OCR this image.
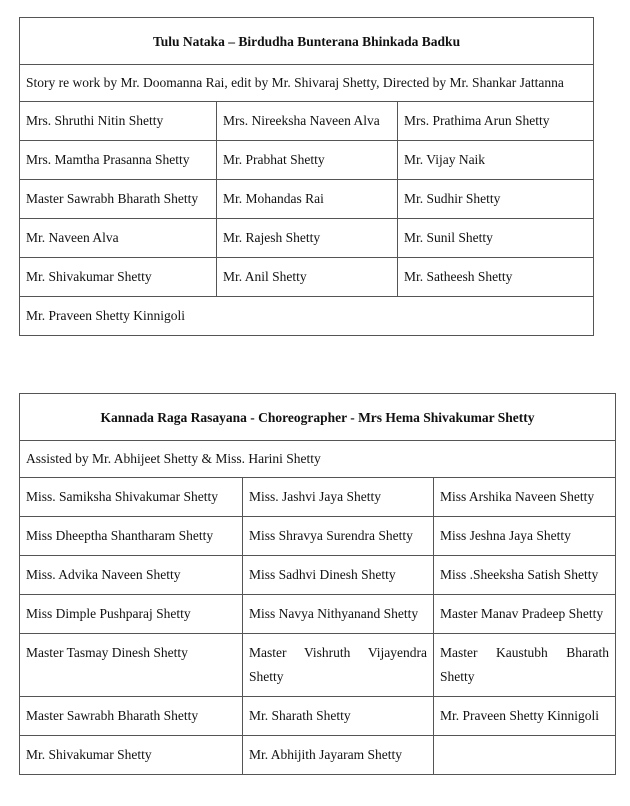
Tulu Nataka – Birdudha Bunterana Bhinkada Badku		
Story re work by Mr. Doomanna Rai, edit by Mr. Shivaraj Shetty, Directed by Mr. Shankar Jattanna		
Mrs. Shruthi Nitin Shetty	Mrs. Nireeksha Naveen Alva	Mrs. Prathima Arun Shetty
Mrs. Mamtha Prasanna Shetty	Mr. Prabhat Shetty	Mr. Vijay Naik
Master Sawrabh Bharath Shetty	Mr. Mohandas Rai	Mr. Sudhir Shetty
Mr. Naveen Alva	Mr. Rajesh Shetty	Mr. Sunil Shetty
Mr. Shivakumar Shetty	Mr. Anil Shetty	Mr. Satheesh Shetty
Mr. Praveen Shetty Kinnigoli		
Kannada Raga Rasayana - Choreographer - Mrs Hema Shivakumar Shetty		
Assisted by Mr. Abhijeet Shetty & Miss. Harini Shetty		
Miss. Samiksha Shivakumar Shetty	Miss. Jashvi Jaya Shetty	Miss Arshika Naveen Shetty
Miss Dheeptha Shantharam Shetty	Miss Shravya Surendra Shetty	Miss Jeshna Jaya Shetty
Miss. Advika Naveen Shetty	Miss Sadhvi Dinesh Shetty	Miss .Sheeksha Satish Shetty
Miss Dimple Pushparaj Shetty	Miss Navya Nithyanand Shetty	Master Manav Pradeep Shetty
Master Tasmay Dinesh Shetty	Master Vishruth Vijayendra Shetty	Master Kaustubh Bharath Shetty
Master Sawrabh Bharath Shetty	Mr. Sharath Shetty	Mr. Praveen Shetty Kinnigoli
Mr. Shivakumar Shetty	Mr. Abhijith Jayaram Shetty	
